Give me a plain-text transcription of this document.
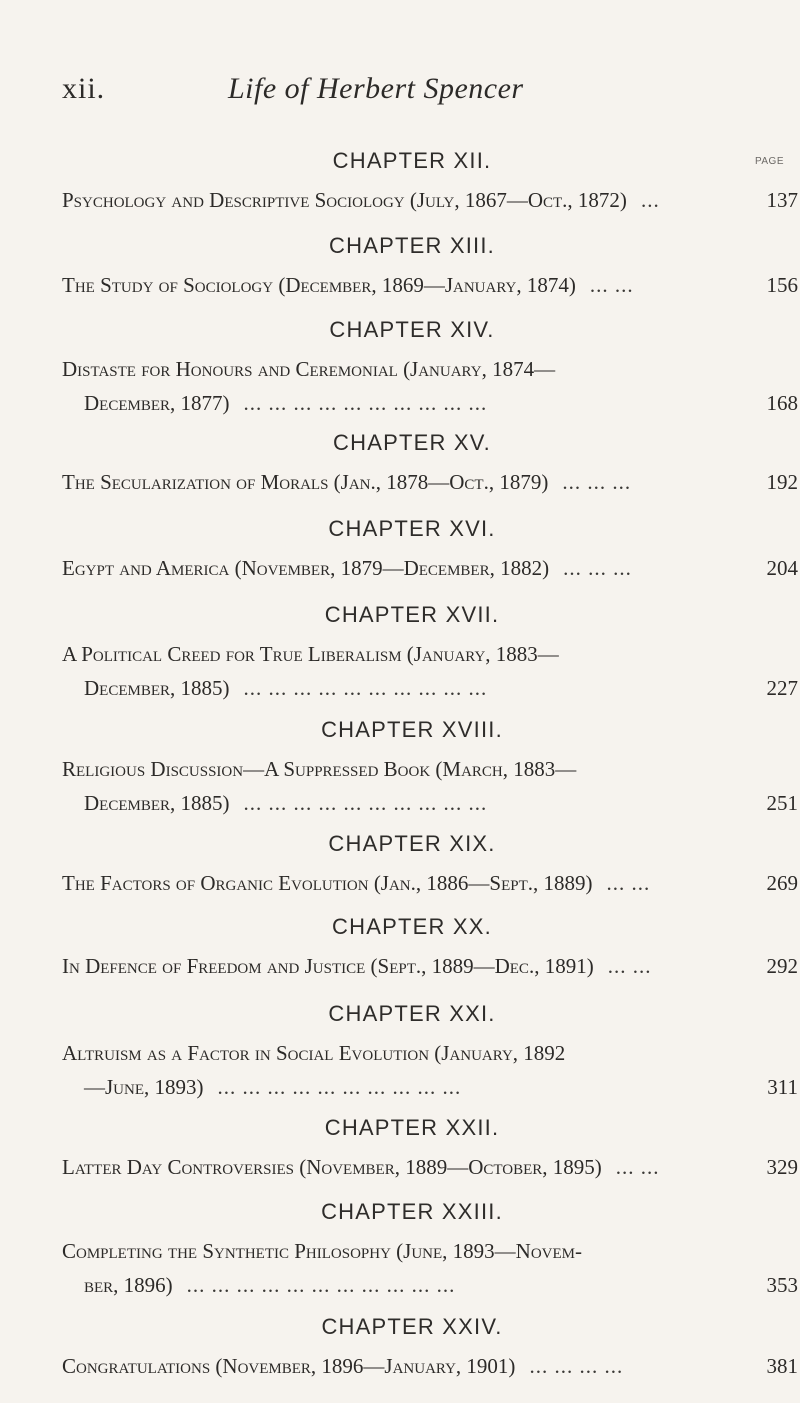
xii.	Life of Herbert Spencer
CHAPTER XII.	PAGE
Psychology and Descriptive Sociology (July, 1867—Oct., 1872) ...	137
CHAPTER XIII.
The Study of Sociology (December, 1869—January, 1874) ... ...	156
CHAPTER XIV.
Distaste for Honours and Ceremonial (January, 1874—
December, 1877) ... ... ... ... ... ... ... ... ... ...	168
CHAPTER XV.
The Secularization of Morals (Jan., 1878—Oct., 1879) ... ... ...	192
CHAPTER XVI.
Egypt and America (November, 1879—December, 1882) ... ... ...	204
CHAPTER XVII.
A Political Creed for True Liberalism (January, 1883—
December, 1885) ... ... ... ... ... ... ... ... ... ...	227
CHAPTER XVIII.
Religious Discussion—A Suppressed Book (March, 1883—
December, 1885) ... ... ... ... ... ... ... ... ... ...	251
CHAPTER XIX.
The Factors of Organic Evolution (Jan., 1886—Sept., 1889) ... ...	269
CHAPTER XX.
In Defence of Freedom and Justice (Sept., 1889—Dec., 1891) ... ...	292
CHAPTER XXI.
Altruism as a Factor in Social Evolution (January, 1892
—June, 1893) ... ... ... ... ... ... ... ... ... ...	311
CHAPTER XXII.
Latter Day Controversies (November, 1889—October, 1895) ... ...	329
CHAPTER XXIII.
Completing the Synthetic Philosophy (June, 1893—Novem-
ber, 1896) ... ... ... ... ... ... ... ... ... ... ...	353
CHAPTER XXIV.
Congratulations (November, 1896—January, 1901) ... ... ... ...	381
